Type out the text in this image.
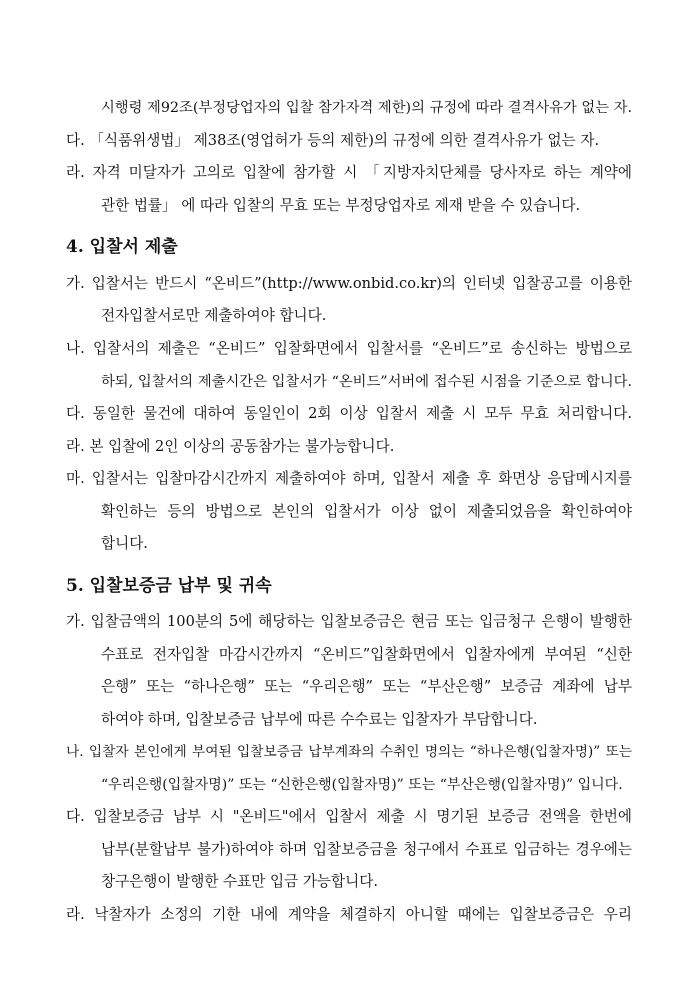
시행령 제92조(부정당업자의 입찰 참가자격 제한)의 규정에 따라 결격사유가 없는 자.
다. 「식품위생법」 제38조(영업허가 등의 제한)의 규정에 의한 결격사유가 없는 자.
라. 자격 미달자가 고의로 입찰에 참가할 시 「지방자치단체를 당사자로 하는 계약에
관한 법률」 에 따라 입찰의 무효 또는 부정당업자로 제재 받을 수 있습니다.
4. 입찰서 제출
가. 입찰서는 반드시 “온비드”(http://www.onbid.co.kr)의 인터넷 입찰공고를 이용한
전자입찰서로만 제출하여야 합니다.
나. 입찰서의 제출은 “온비드” 입찰화면에서 입찰서를 “온비드”로 송신하는 방법으로
하되, 입찰서의 제출시간은 입찰서가 “온비드”서버에 접수된 시점을 기준으로 합니다.
다. 동일한 물건에 대하여 동일인이 2회 이상 입찰서 제출 시 모두 무효 처리합니다.
라. 본 입찰에 2인 이상의 공동참가는 불가능합니다.
마. 입찰서는 입찰마감시간까지 제출하여야 하며, 입찰서 제출 후 화면상 응답메시지를
확인하는 등의 방법으로 본인의 입찰서가 이상 없이 제출되었음을 확인하여야
합니다.
5. 입찰보증금 납부 및 귀속
가. 입찰금액의 100분의 5에 해당하는 입찰보증금은 현금 또는 입금청구 은행이 발행한
수표로 전자입찰 마감시간까지 “온비드”입찰화면에서 입찰자에게 부여된 “신한
은행” 또는 “하나은행” 또는 “우리은행” 또는 “부산은행” 보증금 계좌에 납부
하여야 하며, 입찰보증금 납부에 따른 수수료는 입찰자가 부담합니다.
나. 입찰자 본인에게 부여된 입찰보증금 납부계좌의 수취인 명의는 “하나은행(입찰자명)” 또는
“우리은행(입찰자명)” 또는 “신한은행(입찰자명)” 또는 “부산은행(입찰자명)” 입니다.
다. 입찰보증금 납부 시 "온비드"에서 입찰서 제출 시 명기된 보증금 전액을 한번에
납부(분할납부 불가)하여야 하며 입찰보증금을 청구에서 수표로 입금하는 경우에는
창구은행이 발행한 수표만 입금 가능합니다.
라. 낙찰자가 소정의 기한 내에 계약을 체결하지 아니할 때에는 입찰보증금은 우리
